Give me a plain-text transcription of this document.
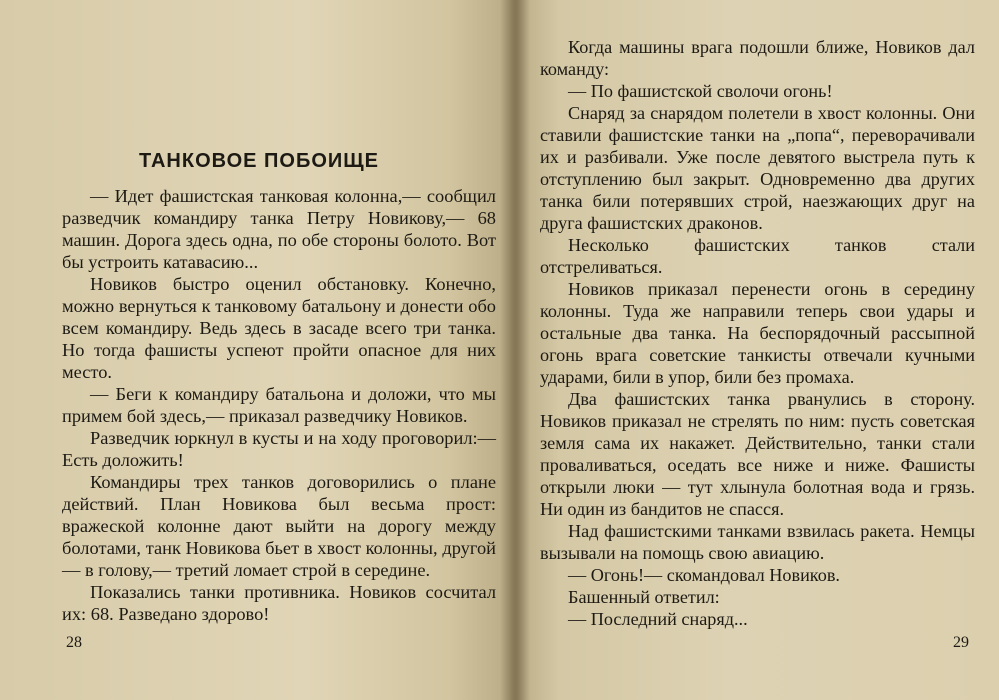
ТАНКОВОЕ ПОБОИЩЕ

— Идет фашистская танковая колонна,— сообщил разведчик командиру танка Петру Новикову,— 68 машин. Дорога здесь одна, по обе стороны болото. Вот бы устроить катавасию...

Новиков быстро оценил обстановку. Конечно, можно вернуться к танковому батальону и донести обо всем командиру. Ведь здесь в засаде всего три танка. Но тогда фашисты успеют пройти опасное для них место.

— Беги к командиру батальона и доложи, что мы примем бой здесь,— приказал разведчику Новиков.

Разведчик юркнул в кусты и на ходу проговорил:— Есть доложить!

Командиры трех танков договорились о плане действий. План Новикова был весьма прост: вражеской колонне дают выйти на дорогу между болотами, танк Новикова бьет в хвост колонны, другой — в голову,— третий ломает строй в середине.

Показались танки противника. Новиков сосчитал их: 68. Разведано здорово!

28

Когда машины врага подошли ближе, Новиков дал команду:

— По фашистской сволочи огонь!

Снаряд за снарядом полетели в хвост колонны. Они ставили фашистские танки на „попа“, переворачивали их и разбивали. Уже после девятого выстрела путь к отступлению был закрыт. Одновременно два других танка били потерявших строй, наезжающих друг на друга фашистских драконов.

Несколько фашистских танков стали отстреливаться.

Новиков приказал перенести огонь в середину колонны. Туда же направили теперь свои удары и остальные два танка. На беспорядочный рассыпной огонь врага советские танкисты отвечали кучными ударами, били в упор, били без промаха.

Два фашистских танка рванулись в сторону. Новиков приказал не стрелять по ним: пусть советская земля сама их накажет. Действительно, танки стали проваливаться, оседать все ниже и ниже. Фашисты открыли люки — тут хлынула болотная вода и грязь. Ни один из бандитов не спасся.

Над фашистскими танками взвилась ракета. Немцы вызывали на помощь свою авиацию.

— Огонь!— скомандовал Новиков.

Башенный ответил:

— Последний снаряд...

29
